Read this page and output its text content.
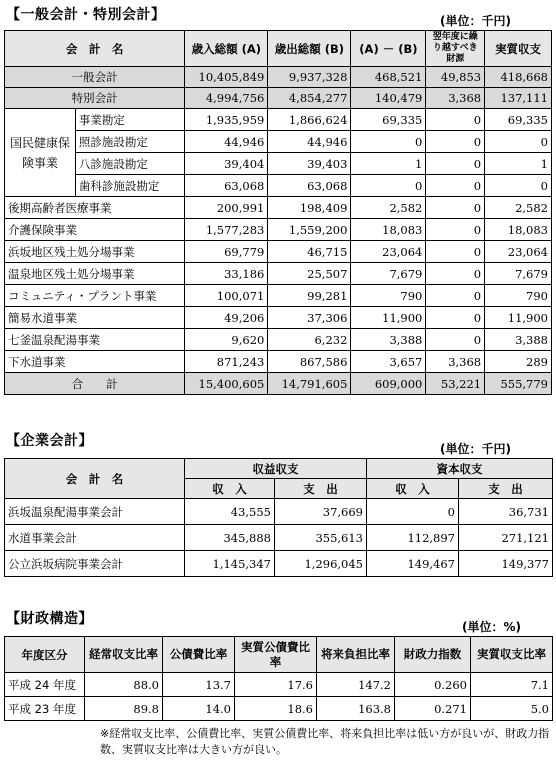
【一般会計・特別会計】	(単位：千円)
会　計　名		歳入総額 (A)	歳出総額 (B)	(A) － (B)	翌年度に繰り越すべき財源	実質収支
一般会計		10,405,849	9,937,328	468,521	49,853	418,668
特別会計		4,994,756	4,854,277	140,479	3,368	137,111
国民健康保険事業	事業勘定	1,935,959	1,866,624	69,335	0	69,335
	照診施設勘定	44,946	44,946	0	0	0
	八診施設勘定	39,404	39,403	1	0	1
	歯科診施設勘定	63,068	63,068	0	0	0
後期高齢者医療事業		200,991	198,409	2,582	0	2,582
介護保険事業		1,577,283	1,559,200	18,083	0	18,083
浜坂地区残土処分場事業		69,779	46,715	23,064	0	23,064
温泉地区残土処分場事業		33,186	25,507	7,679	0	7,679
コミュニティ・プラント事業		100,071	99,281	790	0	790
簡易水道事業		49,206	37,306	11,900	0	11,900
七釜温泉配湯事業		9,620	6,232	3,388	0	3,388
下水道事業		871,243	867,586	3,657	3,368	289
合　　計		15,400,605	14,791,605	609,000	53,221	555,779
【企業会計】	(単位：千円)
会　計　名	収益収支		資本収支	
	収　入	支　出	収　入	支　出
浜坂温泉配湯事業会計	43,555	37,669	0	36,731
水道事業会計	345,888	355,613	112,897	271,121
公立浜坂病院事業会計	1,145,347	1,296,045	149,467	149,377
【財政構造】	(単位：%)
年度区分	経常収支比率	公債費比率	実質公債費比率	将来負担比率	財政力指数	実質収支比率
平成 24 年度	88.0	13.7	17.6	147.2	0.260	7.1
平成 23 年度	89.8	14.0	18.6	163.8	0.271	5.0
※経常収支比率、公債費比率、実質公債費比率、将来負担比率は低い方が良いが、財政力指数、実質収支比率は大きい方が良い。
